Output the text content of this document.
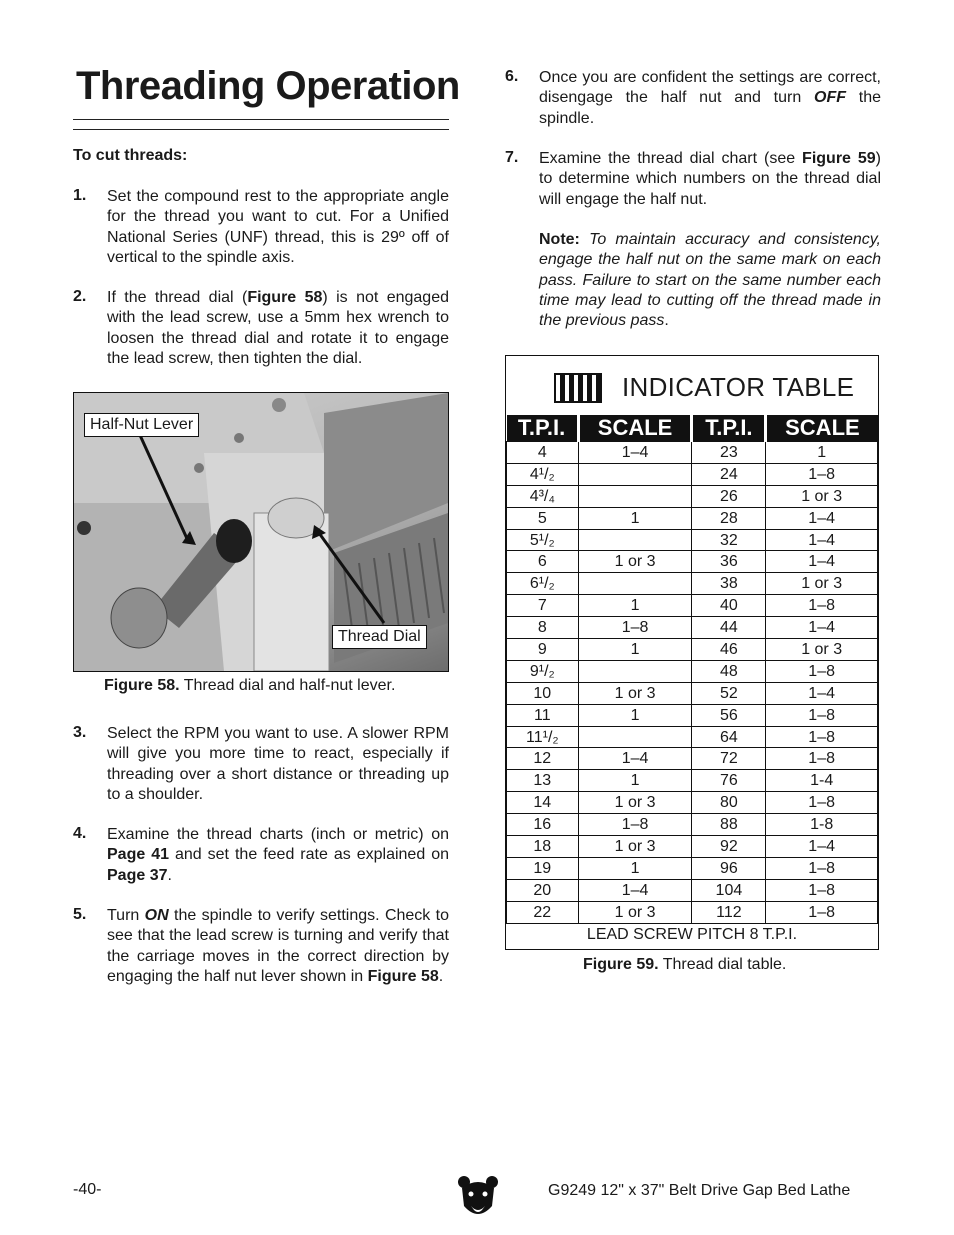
Threading Operation
To cut threads:
1. Set the compound rest to the appropriate angle for the thread you want to cut. For a Unified National Series (UNF) thread, this is 29º off of vertical to the spindle axis.
2. If the thread dial (Figure 58) is not engaged with the lead screw, use a 5mm hex wrench to loosen the thread dial and rotate it to engage the lead screw, then tighten the dial.
Half-Nut Lever
Thread Dial
Figure 58. Thread dial and half-nut lever.
3. Select the RPM you want to use. A slower RPM will give you more time to react, especially if threading over a short distance or threading up to a shoulder.
4. Examine the thread charts (inch or metric) on Page 41 and set the feed rate as explained on Page 37.
5. Turn ON the spindle to verify settings. Check to see that the lead screw is turning and verify that the carriage moves in the correct direction by engaging the half nut lever shown in Figure 58.
6. Once you are confident the settings are correct, disengage the half nut and turn OFF the spindle.
7. Examine the thread dial chart (see Figure 59) to determine which numbers on the thread dial will engage the half nut.
Note: To maintain accuracy and consistency, engage the half nut on the same mark on each pass. Failure to start on the same number each time may lead to cutting off the thread made in the previous pass.
INDICATOR TABLE
T.P.I.	SCALE	T.P.I.	SCALE
4	1–4	23	1
4¹/₂		24	1–8
4³/₄		26	1 or 3
5	1	28	1–4
5¹/₂		32	1–4
6	1 or 3	36	1–4
6¹/₂		38	1 or 3
7	1	40	1–8
8	1–8	44	1–4
9	1	46	1 or 3
9¹/₂		48	1–8
10	1 or 3	52	1–4
11	1	56	1–8
11¹/₂		64	1–8
12	1–4	72	1–8
13	1	76	1-4
14	1 or 3	80	1–8
16	1–8	88	1-8
18	1 or 3	92	1–4
19	1	96	1–8
20	1–4	104	1–8
22	1 or 3	112	1–8
LEAD SCREW PITCH 8 T.P.I.
Figure 59. Thread dial table.
-40-	G9249 12" x 37" Belt Drive Gap Bed Lathe
